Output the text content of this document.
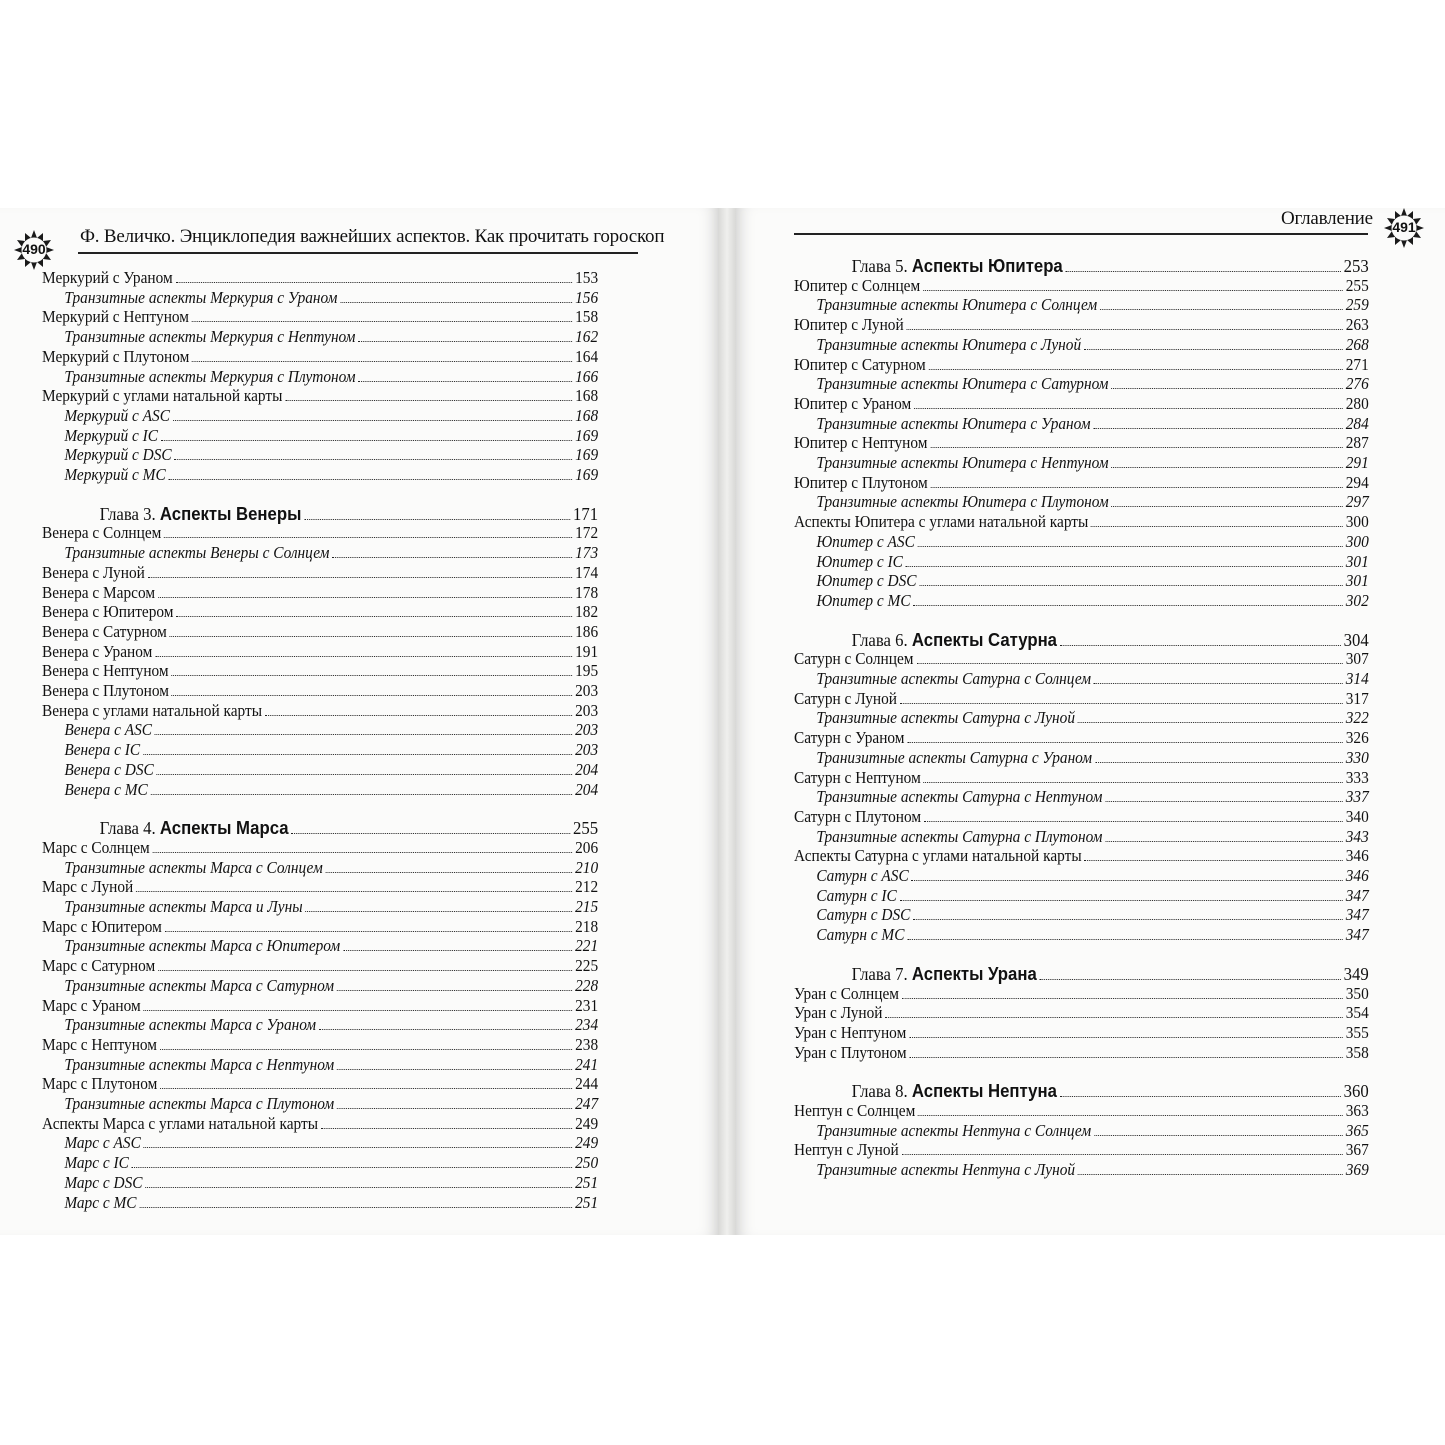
490
Ф. Величко. Энциклопедия важнейших аспектов. Как прочитать гороскоп
Меркурий с Ураном	153
Транзитные аспекты Меркурия с Ураном	156
Меркурий с Нептуном	158
Транзитные аспекты Меркурия с Нептуном	162
Меркурий с Плутоном	164
Транзитные аспекты Меркурия с Плутоном	166
Меркурий с углами натальной карты	168
Меркурий с ASC	168
Меркурий с IC	169
Меркурий с DSC	169
Меркурий с МС	169
Глава 3. Аспекты Венеры	171
Венера с Солнцем	172
Транзитные аспекты Венеры с Солнцем	173
Венера с Луной	174
Венера с Марсом	178
Венера с Юпитером	182
Венера с Сатурном	186
Венера с Ураном	191
Венера с Нептуном	195
Венера с Плутоном	203
Венера с углами натальной карты	203
Венера с ASC	203
Венера с IC	203
Венера с DSC	204
Венера с МС	204
Глава 4. Аспекты Марса	255
Марс с Солнцем	206
Транзитные аспекты Марса с Солнцем	210
Марс с Луной	212
Транзитные аспекты Марса и Луны	215
Марс с Юпитером	218
Транзитные аспекты Марса с Юпитером	221
Марс с Сатурном	225
Транзитные аспекты Марса с Сатурном	228
Марс с Ураном	231
Транзитные аспекты Марса с Ураном	234
Марс с Нептуном	238
Транзитные аспекты Марса с Нептуном	241
Марс с Плутоном	244
Транзитные аспекты Марса с Плутоном	247
Аспекты Марса с углами натальной карты	249
Марс с ASC	249
Марс с IC	250
Марс с DSC	251
Марс с МС	251
Оглавление	491
Глава 5. Аспекты Юпитера	253
Юпитер с Солнцем	255
Транзитные аспекты Юпитера с Солнцем	259
Юпитер с Луной	263
Транзитные аспекты Юпитера с Луной	268
Юпитер с Сатурном	271
Транзитные аспекты Юпитера с Сатурном	276
Юпитер с Ураном	280
Транзитные аспекты Юпитера с Ураном	284
Юпитер с Нептуном	287
Транзитные аспекты Юпитера с Нептуном	291
Юпитер с Плутоном	294
Транзитные аспекты Юпитера с Плутоном	297
Аспекты Юпитера с углами натальной карты	300
Юпитер с ASC	300
Юпитер с IC	301
Юпитер с DSC	301
Юпитер с МС	302
Глава 6. Аспекты Сатурна	304
Сатурн с Солнцем	307
Транзитные аспекты Сатурна с Солнцем	314
Сатурн с Луной	317
Транзитные аспекты Сатурна с Луной	322
Сатурн с Ураном	326
Транизитные аспекты Сатурна с Ураном	330
Сатурн с Нептуном	333
Транзитные аспекты Сатурна с Нептуном	337
Сатурн с Плутоном	340
Транзитные аспекты Сатурна с Плутоном	343
Аспекты Сатурна с углами натальной карты	346
Сатурн с ASC	346
Сатурн с IC	347
Сатурн с DSC	347
Сатурн с МС	347
Глава 7. Аспекты Урана	349
Уран с Солнцем	350
Уран с Луной	354
Уран с Нептуном	355
Уран с Плутоном	358
Глава 8. Аспекты Нептуна	360
Нептун с Солнцем	363
Транзитные аспекты Нептуна с Солнцем	365
Нептун с Луной	367
Транзитные аспекты Нептуна с Луной	369
